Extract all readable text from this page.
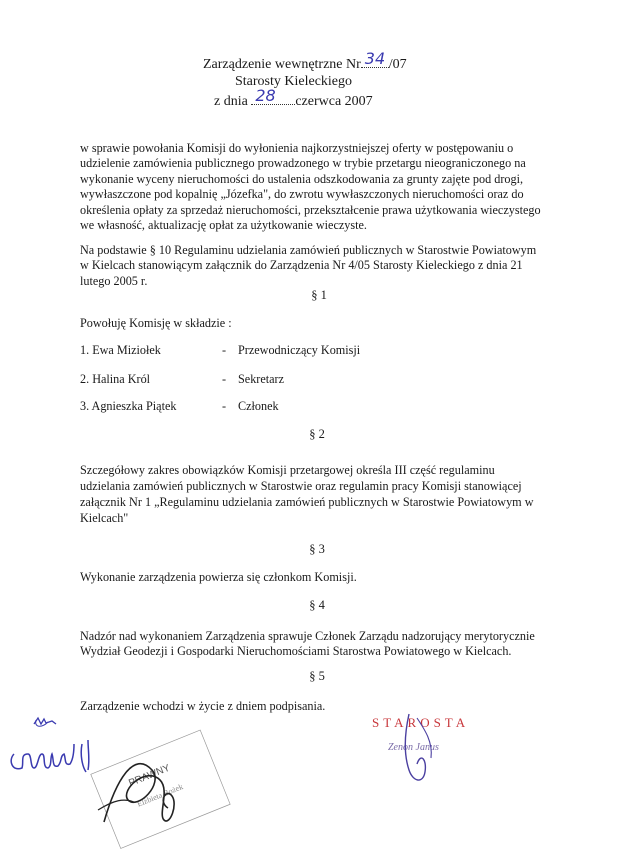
Zarządzenie wewnętrzne Nr 34 /07
Starosty Kieleckiego
z dnia 28 czerwca 2007
w sprawie powołania Komisji do wyłonienia najkorzystniejszej oferty w postępowaniu o
udzielenie zamówienia publicznego prowadzonego w trybie przetargu nieograniczonego na
wykonanie wyceny nieruchomości do ustalenia odszkodowania za grunty zajęte pod drogi,
wywłaszczone pod kopalnię „Józefka", do zwrotu wywłaszczonych nieruchomości oraz do
określenia opłaty za sprzedaż nieruchomości, przekształcenie prawa użytkowania wieczystego
we własność, aktualizację opłat za użytkowanie wieczyste.
Na podstawie § 10 Regulaminu udzielania zamówień publicznych w Starostwie Powiatowym
w Kielcach stanowiącym załącznik do Zarządzenia Nr 4/05 Starosty Kieleckiego z dnia 21
lutego 2005 r.
§ 1
Powołuję Komisję w składzie :
1. Ewa Miziołek	- Przewodniczący Komisji
2. Halina Król	- Sekretarz
3. Agnieszka Piątek	- Członek
§ 2
Szczegółowy zakres obowiązków Komisji przetargowej określa III część regulaminu
udzielania zamówień publicznych w Starostwie oraz regulamin pracy Komisji stanowiącej
załącznik Nr 1 „Regulaminu udzielania zamówień publicznych w Starostwie Powiatowym w
Kielcach"
§ 3
Wykonanie zarządzenia powierza się członkom Komisji.
§ 4
Nadzór nad wykonaniem Zarządzenia sprawuje Członek Zarządu nadzorujący merytorycznie
Wydział Geodezji i Gospodarki Nieruchomościami Starostwa Powiatowego w Kielcach.
§ 5
Zarządzenie wchodzi w życie z dniem podpisania.
STAROSTA
Zenon Janus
PRAWNY
Elżbieta Bożek
